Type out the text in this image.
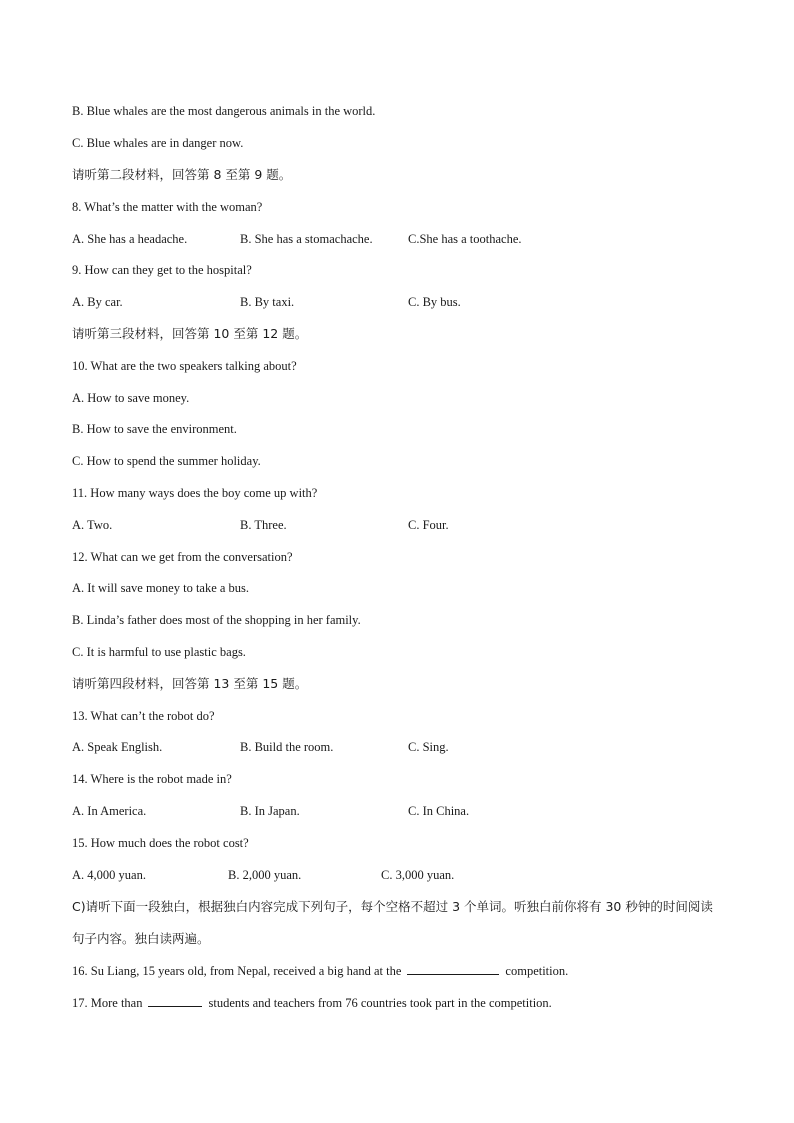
B. Blue whales are the most dangerous animals in the world.
C. Blue whales are in danger now.
请听第二段材料，回答第 8 至第 9 题。
8. What’s the matter with the woman?
A. She has a headache.	B. She has a stomachache.	C.She has a toothache.
9. How can they get to the hospital?
A. By car.	B. By taxi.	C. By bus.
请听第三段材料，回答第 10 至第 12 题。
10. What are the two speakers talking about?
A. How to save money.
B. How to save the environment.
C. How to spend the summer holiday.
11. How many ways does the boy come up with?
A. Two.	B. Three.	C. Four.
12. What can we get from the conversation?
A. It will save money to take a bus.
B. Linda’s father does most of the shopping in her family.
C. It is harmful to use plastic bags.
请听第四段材料，回答第 13 至第 15 题。
13. What can’t the robot do?
A. Speak English.	B. Build the room.	C. Sing.
14. Where is the robot made in?
A. In America.	B. In Japan.	C. In China.
15. How much does the robot cost?
A. 4,000 yuan.	B. 2,000 yuan.	C. 3,000 yuan.
C)请听下面一段独白，根据独白内容完成下列句子，每个空格不超过 3 个单词。听独白前你将有 30 秒钟的时间阅读句子内容。独白读两遍。
16. Su Liang, 15 years old, from Nepal, received a big hand at the	competition.
17. More than	students and teachers from 76 countries took part in the competition.
